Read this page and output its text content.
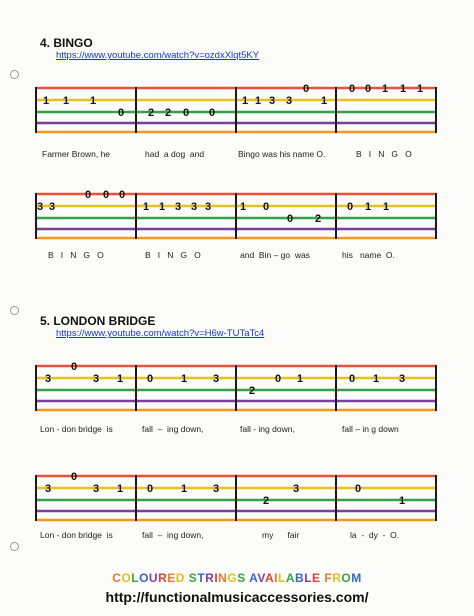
4. BINGO
https://www.youtube.com/watch?v=ozdxXlqt5KY
1 1 1
0 2 2 0 0
1 1 3 3
0
1
0 0 1 1 1
Farmer Brown, he	had  a dog  and	Bingo was his name O.	B   I   N   G   O
3 3
0 0 0
1 1 3 3 3	1 0
0 2
0 1 1
B   I   N   G   O	B   I   N   G   O	and  Bin – go  was	his   name  O.
5. LONDON BRIDGE
https://www.youtube.com/watch?v=H6w-TUTaTc4
3
0
3 1 0	1 3
2
0 1	0 1 3
Lon - don bridge  is	fall  –  ing down,	fall - ing down,	fall – in g down
3
0
3 1 0	1 3
2
3	0
1
Lon - don bridge  is	fall  –  ing down,	my      fair	la  -  dy  -  O.
COLOURED STRINGS AVAILABLE FROM
http://functionalmusicaccessories.com/
